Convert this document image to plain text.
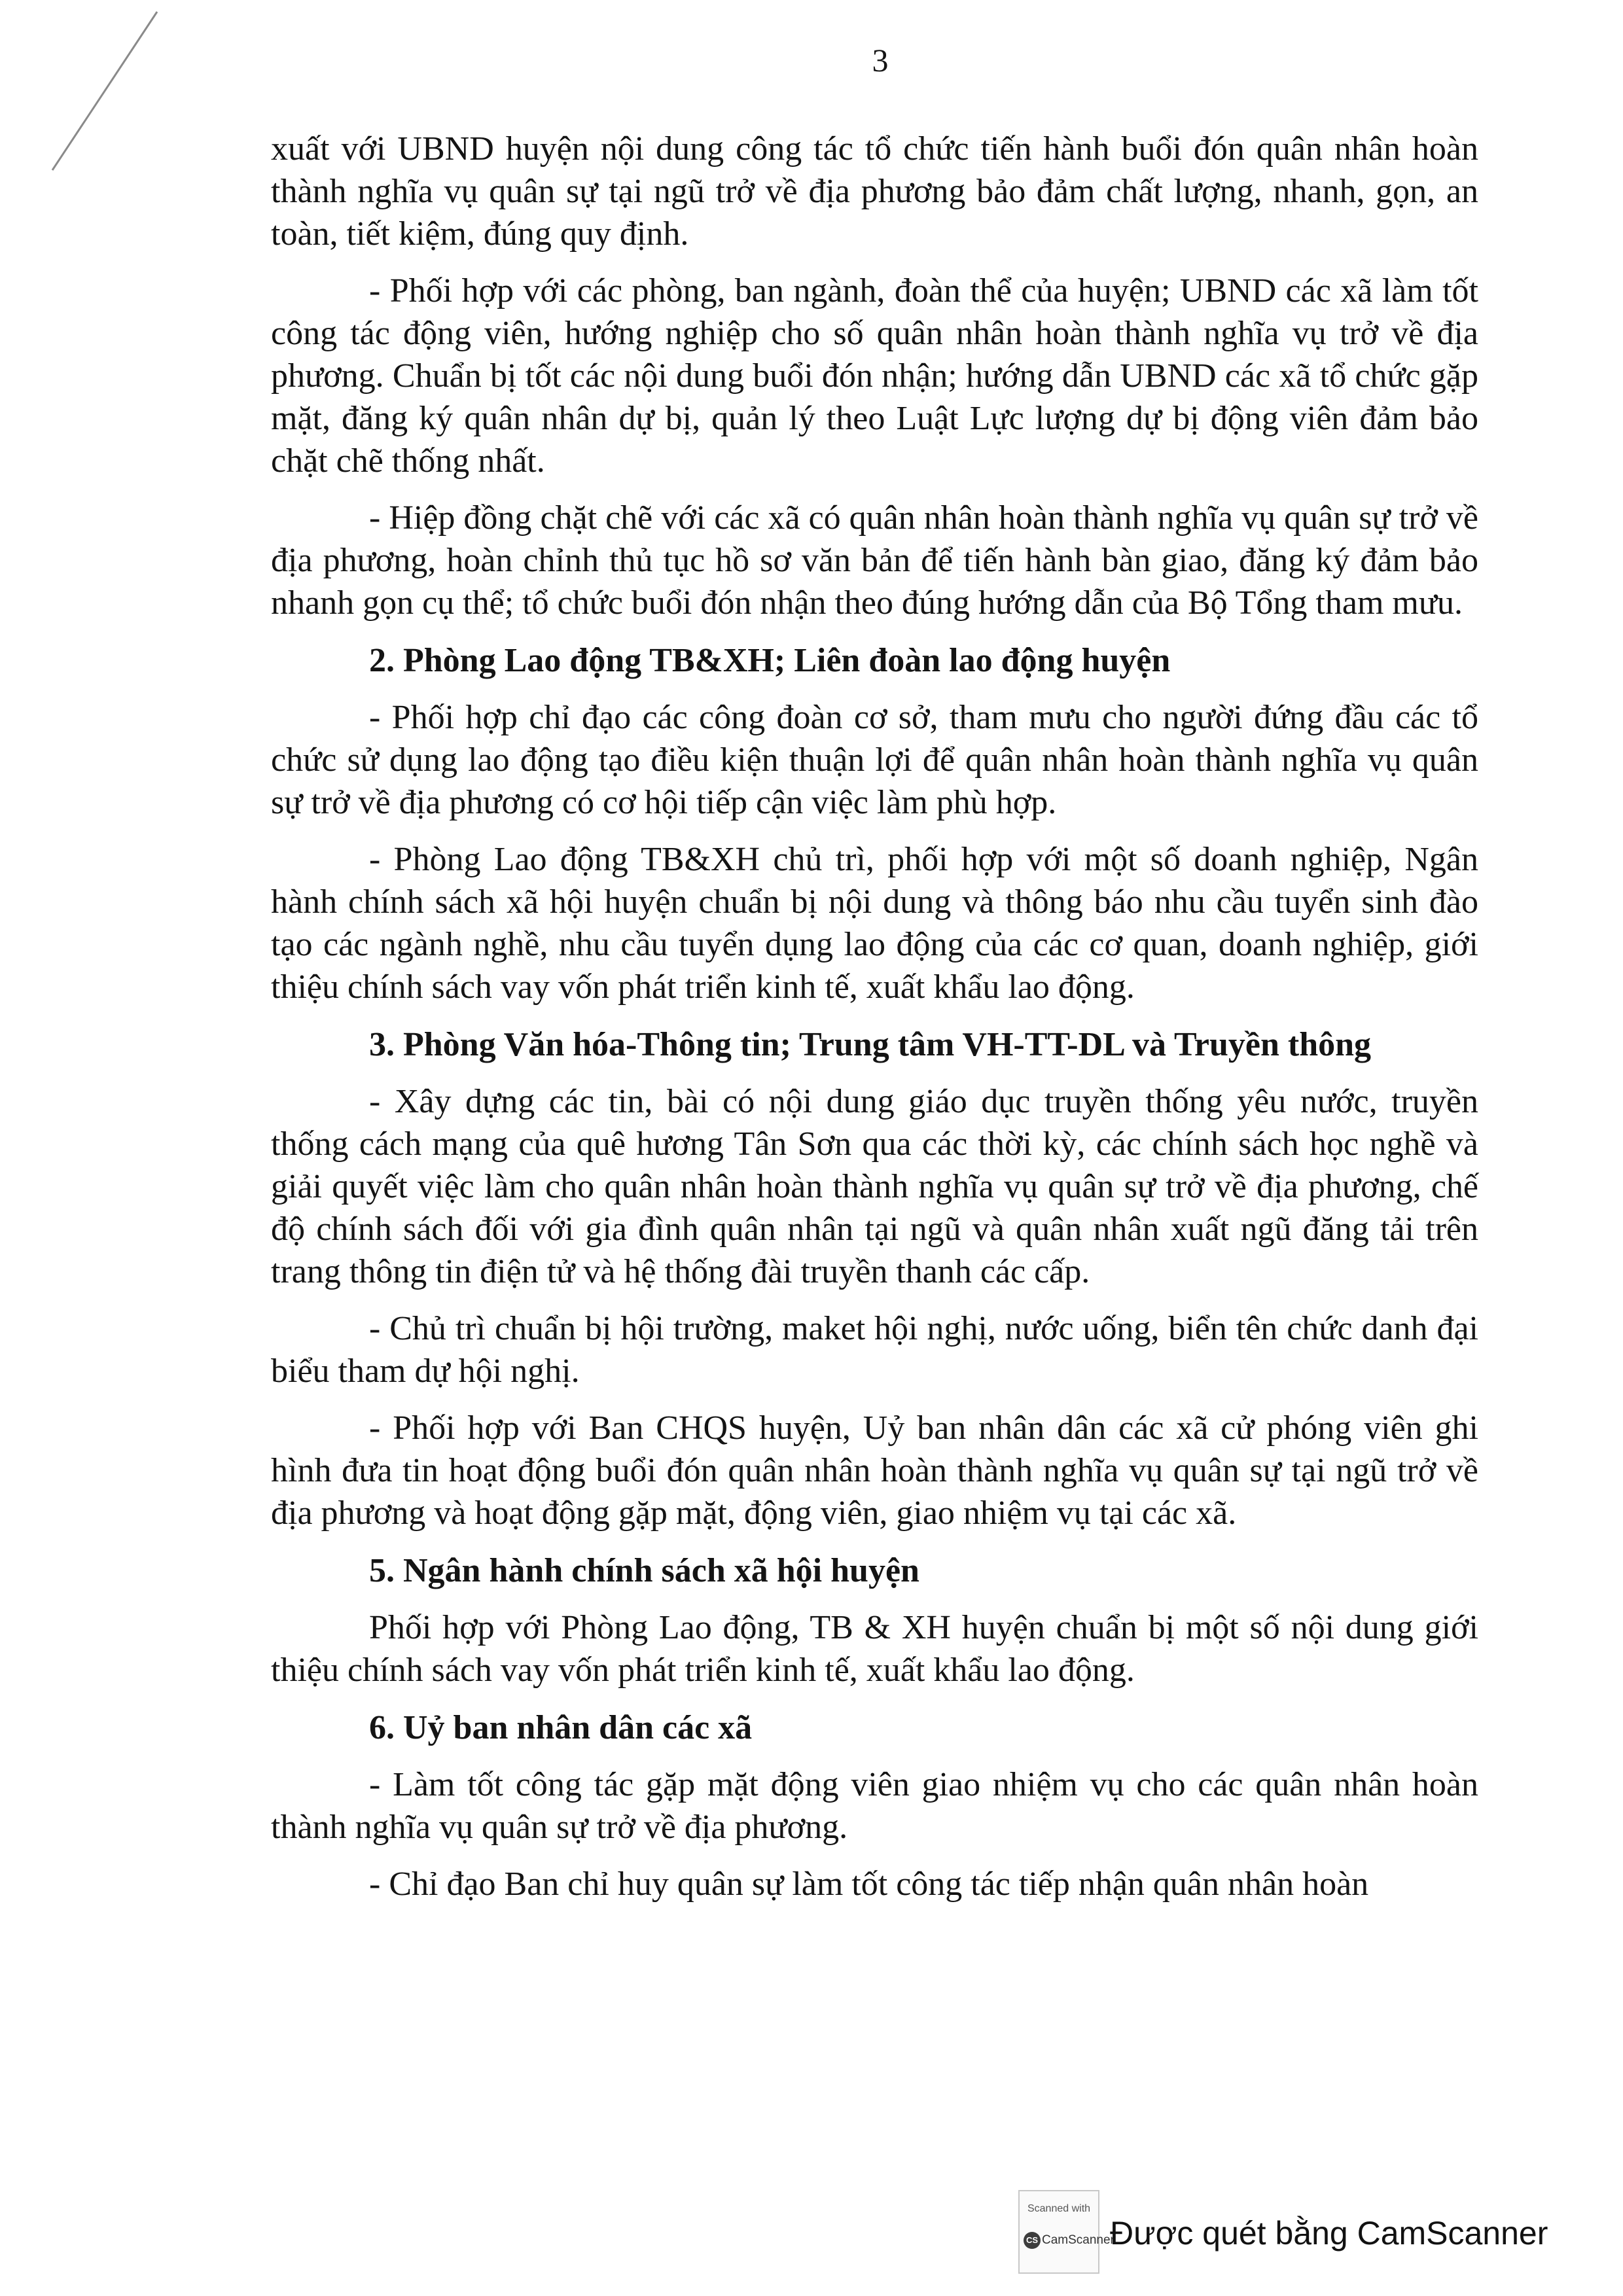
3

xuất với UBND huyện nội dung công tác tổ chức tiến hành buổi đón quân nhân hoàn thành nghĩa vụ quân sự tại ngũ trở về địa phương bảo đảm chất lượng, nhanh, gọn, an toàn, tiết kiệm, đúng quy định.

- Phối hợp với các phòng, ban ngành, đoàn thể của huyện; UBND các xã làm tốt công tác động viên, hướng nghiệp cho số quân nhân hoàn thành nghĩa vụ trở về địa phương. Chuẩn bị tốt các nội dung buổi đón nhận; hướng dẫn UBND các xã tổ chức gặp mặt, đăng ký quân nhân dự bị, quản lý theo Luật Lực lượng dự bị động viên đảm bảo chặt chẽ thống nhất.

- Hiệp đồng chặt chẽ với các xã có quân nhân hoàn thành nghĩa vụ quân sự trở về địa phương, hoàn chỉnh thủ tục hồ sơ văn bản để tiến hành bàn giao, đăng ký đảm bảo nhanh gọn cụ thể; tổ chức buổi đón nhận theo đúng hướng dẫn của Bộ Tổng tham mưu.

2. Phòng Lao động TB&XH; Liên đoàn lao động huyện

- Phối hợp chỉ đạo các công đoàn cơ sở, tham mưu cho người đứng đầu các tổ chức sử dụng lao động tạo điều kiện thuận lợi để quân nhân hoàn thành nghĩa vụ quân sự trở về địa phương có cơ hội tiếp cận việc làm phù hợp.

- Phòng Lao động TB&XH chủ trì, phối hợp với một số doanh nghiệp, Ngân hành chính sách xã hội huyện chuẩn bị nội dung và thông báo nhu cầu tuyển sinh đào tạo các ngành nghề, nhu cầu tuyển dụng lao động của các cơ quan, doanh nghiệp, giới thiệu chính sách vay vốn phát triển kinh tế, xuất khẩu lao động.

3. Phòng Văn hóa-Thông tin; Trung tâm VH-TT-DL và Truyền thông

- Xây dựng các tin, bài có nội dung giáo dục truyền thống yêu nước, truyền thống cách mạng của quê hương Tân Sơn qua các thời kỳ, các chính sách học nghề và giải quyết việc làm cho quân nhân hoàn thành nghĩa vụ quân sự trở về địa phương, chế độ chính sách đối với gia đình quân nhân tại ngũ và quân nhân xuất ngũ đăng tải trên trang thông tin điện tử và hệ thống đài truyền thanh các cấp.

- Chủ trì chuẩn bị hội trường, maket hội nghị, nước uống, biển tên chức danh đại biểu tham dự hội nghị.

- Phối hợp với Ban CHQS huyện, Uỷ ban nhân dân các xã cử phóng viên ghi hình đưa tin hoạt động buổi đón quân nhân hoàn thành nghĩa vụ quân sự tại ngũ trở về địa phương và hoạt động gặp mặt, động viên, giao nhiệm vụ tại các xã.

5. Ngân hành chính sách xã hội huyện

Phối hợp với Phòng Lao động, TB & XH huyện chuẩn bị một số nội dung giới thiệu chính sách vay vốn phát triển kinh tế, xuất khẩu lao động.

6. Uỷ ban nhân dân các xã

- Làm tốt công tác gặp mặt động viên giao nhiệm vụ cho các quân nhân hoàn thành nghĩa vụ quân sự trở về địa phương.

- Chỉ đạo Ban chỉ huy quân sự làm tốt công tác tiếp nhận quân nhân hoàn

Scanned with
CS CamScanner
Được quét bằng CamScanner
